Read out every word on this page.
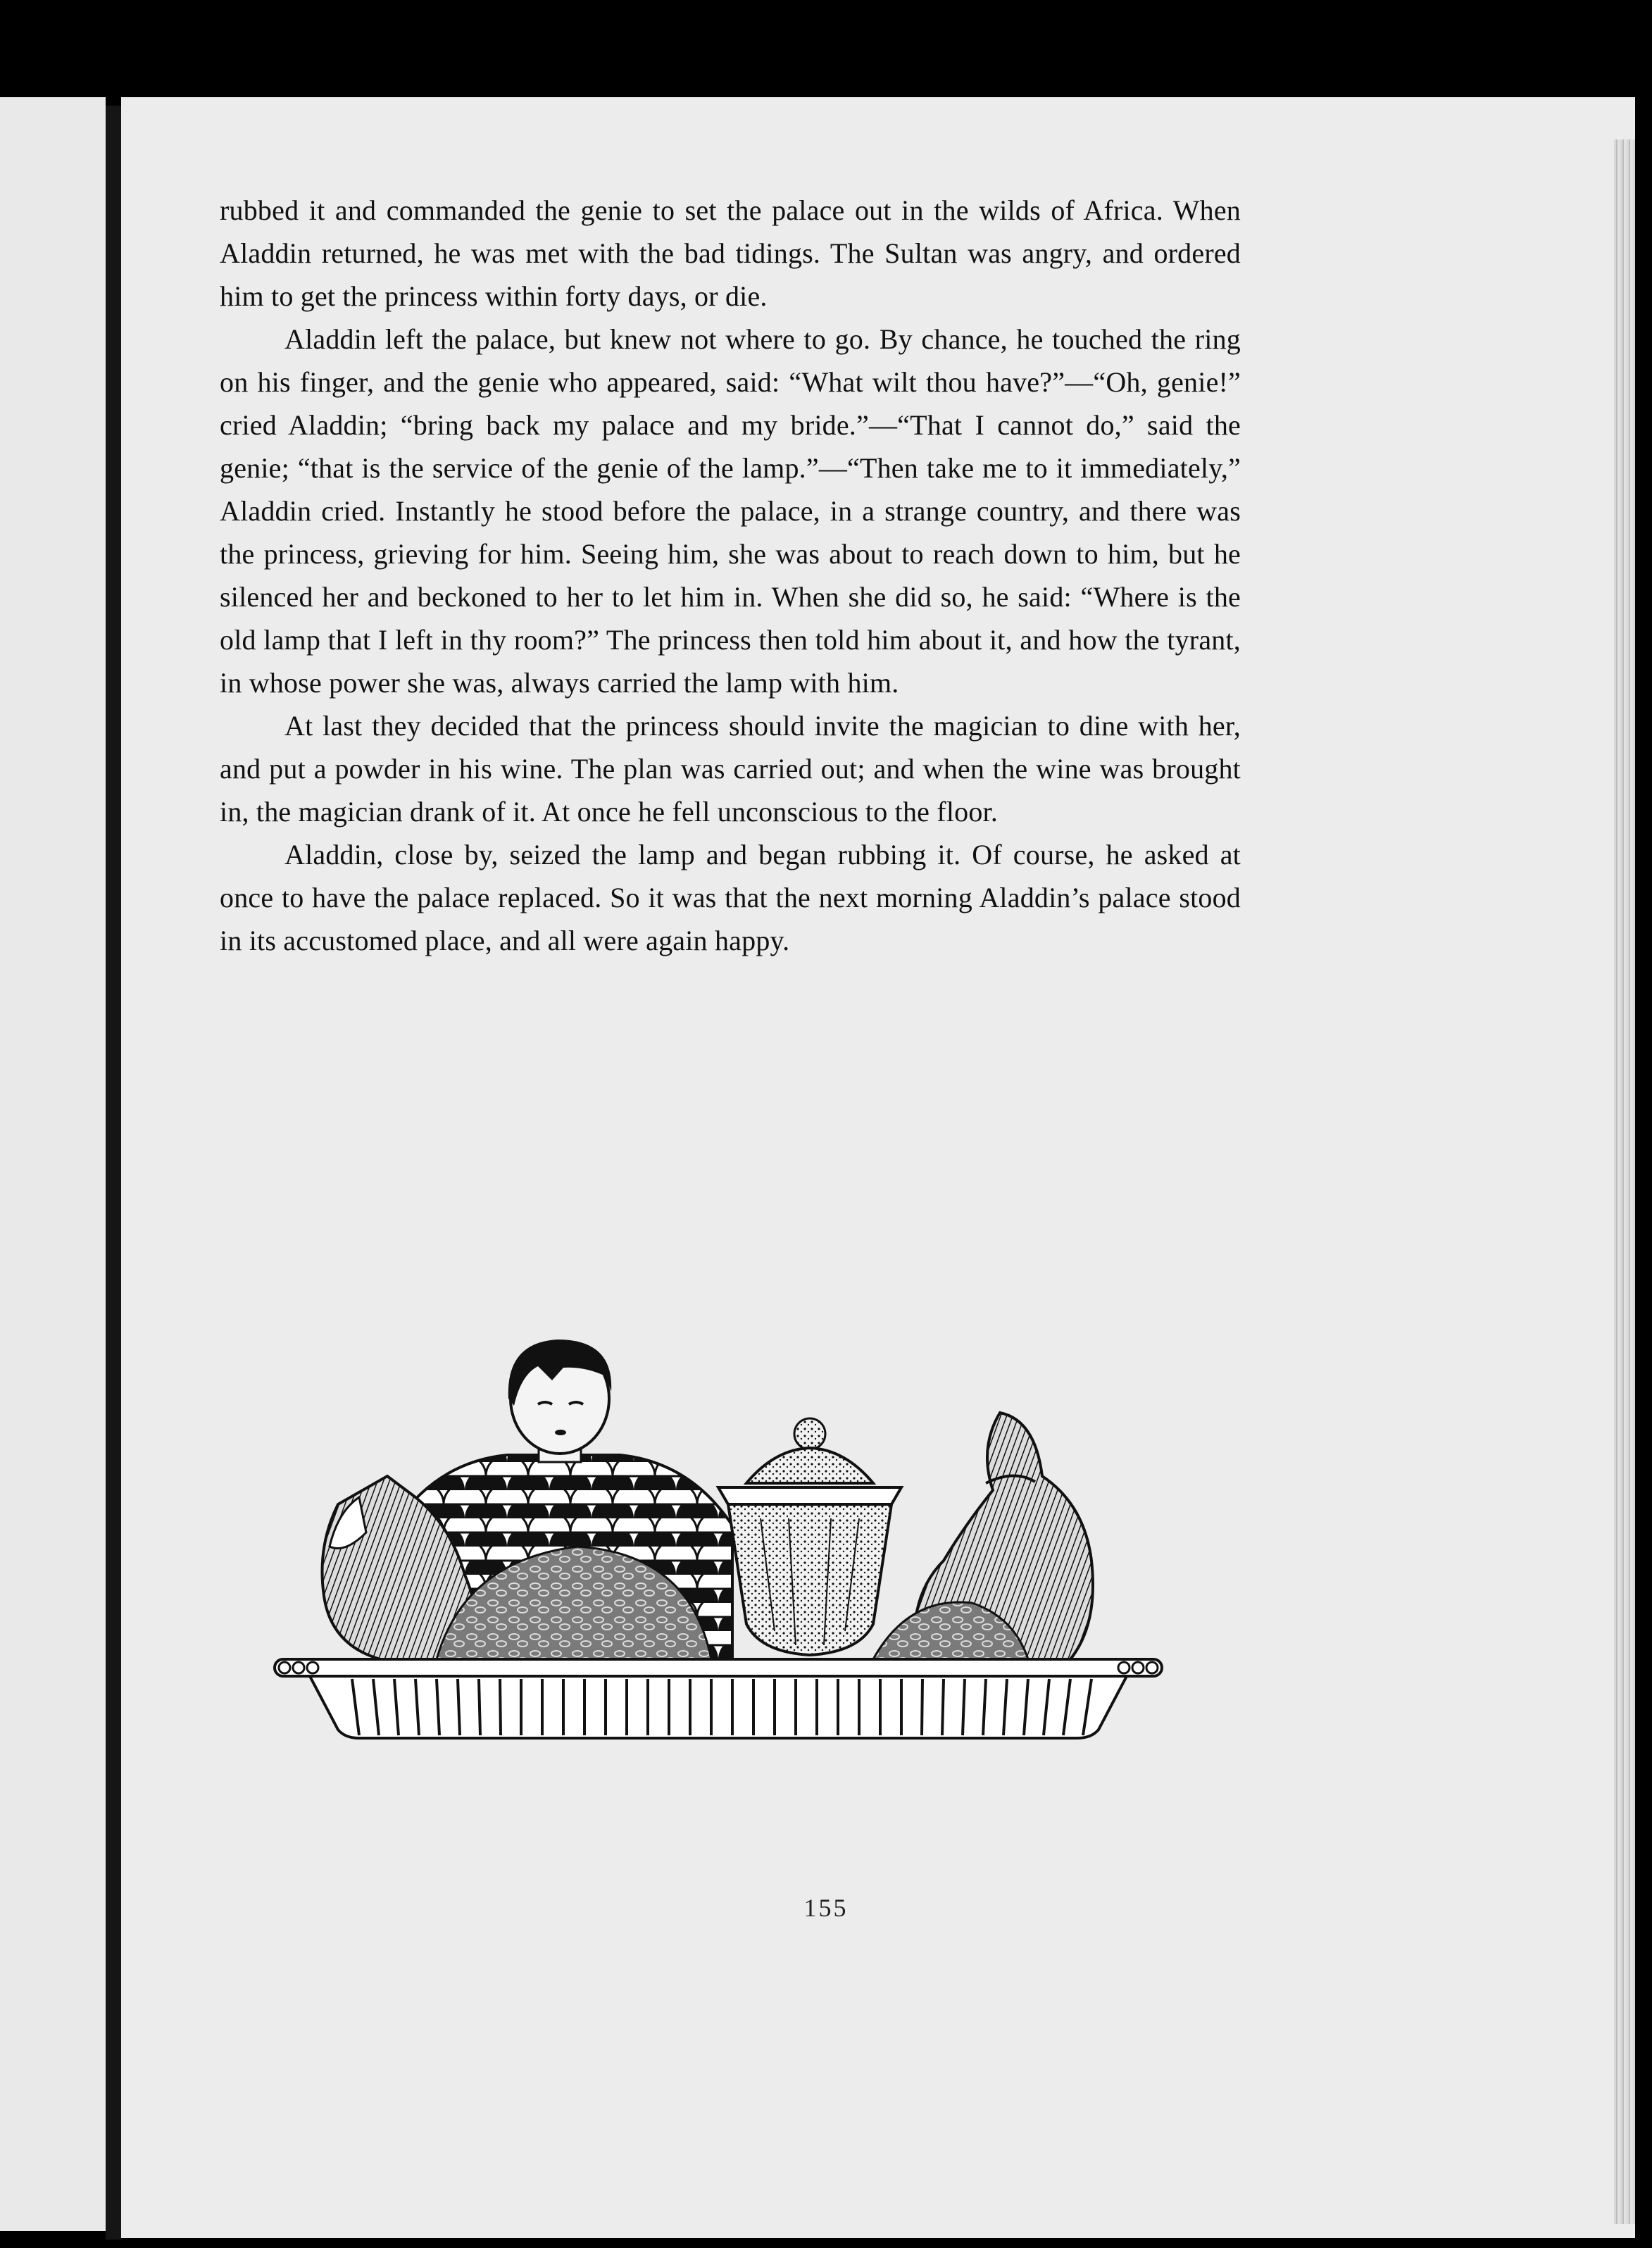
rubbed it and commanded the genie to set the palace out in the wilds of Africa. When Aladdin returned, he was met with the bad tidings. The Sultan was angry, and ordered him to get the princess within forty days, or die.

Aladdin left the palace, but knew not where to go. By chance, he touched the ring on his finger, and the genie who appeared, said: “What wilt thou have?”—“Oh, genie!” cried Aladdin; “bring back my palace and my bride.”—“That I cannot do,” said the genie; “that is the service of the genie of the lamp.”—“Then take me to it immediately,” Aladdin cried. Instantly he stood before the palace, in a strange country, and there was the princess, grieving for him. Seeing him, she was about to reach down to him, but he silenced her and beckoned to her to let him in. When she did so, he said: “Where is the old lamp that I left in thy room?” The princess then told him about it, and how the tyrant, in whose power she was, always carried the lamp with him.

At last they decided that the princess should invite the magician to dine with her, and put a powder in his wine. The plan was carried out; and when the wine was brought in, the magician drank of it. At once he fell unconscious to the floor.

Aladdin, close by, seized the lamp and began rubbing it. Of course, he asked at once to have the palace replaced. So it was that the next morning Aladdin’s palace stood in its accustomed place, and all were again happy.

155
